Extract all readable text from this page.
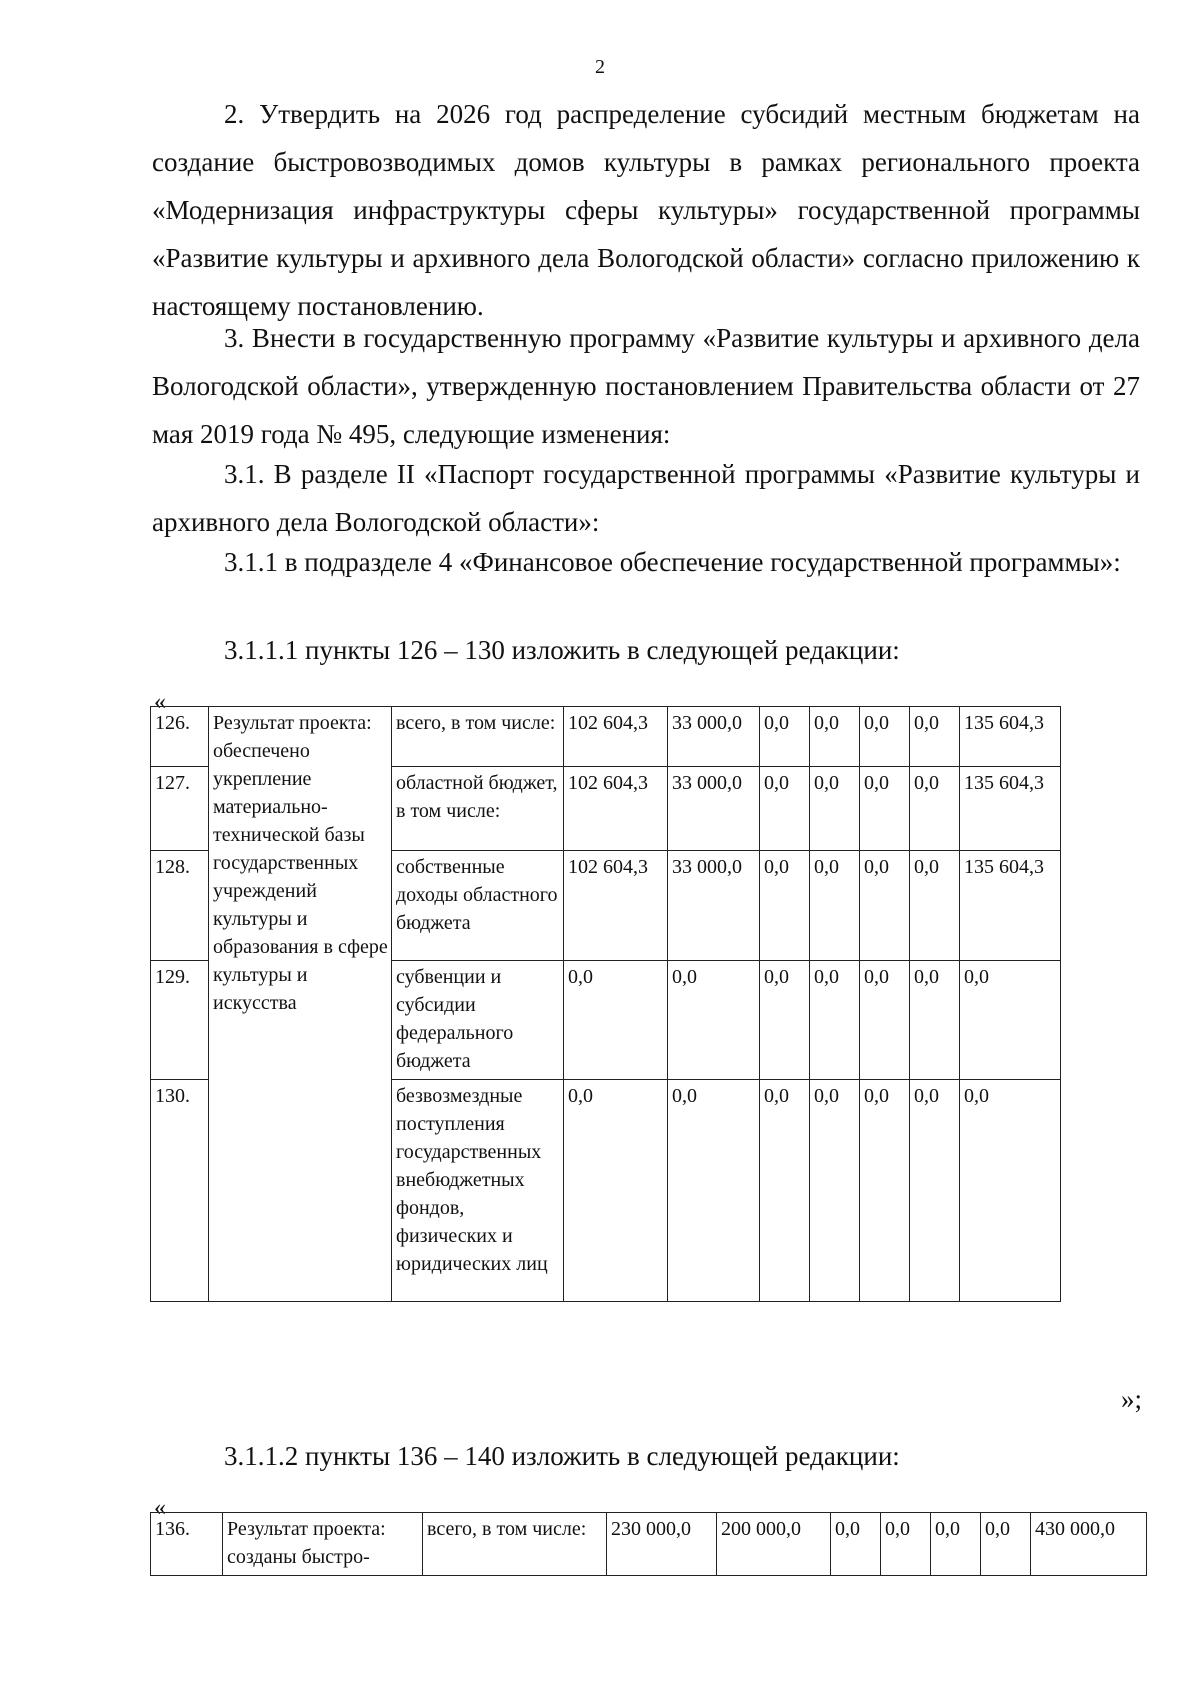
2

2. Утвердить на 2026 год распределение субсидий местным бюджетам на создание быстровозводимых домов культуры в рамках регионального проекта «Модернизация инфраструктуры сферы культуры» государственной программы «Развитие культуры и архивного дела Вологодской области» согласно приложению к настоящему постановлению.

3. Внести в государственную программу «Развитие культуры и архивного дела Вологодской области», утвержденную постановлением Правительства области от 27 мая 2019 года № 495, следующие изменения:

3.1. В разделе II «Паспорт государственной программы «Развитие культуры и архивного дела Вологодской области»:

3.1.1 в подразделе 4 «Финансовое обеспечение государственной программы»:

3.1.1.1 пункты 126 – 130 изложить в следующей редакции:

«
126.	Результат проекта: обеспечено укрепление материально-технической базы государственных учреждений культуры и образования в сфере культуры и искусства	всего, в том числе:	102 604,3	33 000,0	0,0	0,0	0,0	0,0	135 604,3
127.		областной бюджет, в том числе:	102 604,3	33 000,0	0,0	0,0	0,0	0,0	135 604,3
128.		собственные доходы областного бюджета	102 604,3	33 000,0	0,0	0,0	0,0	0,0	135 604,3
129.		субвенции и субсидии федерального бюджета	0,0	0,0	0,0	0,0	0,0	0,0	0,0
130.		безвозмездные поступления государственных внебюджетных фондов, физических и юридических лиц	0,0	0,0	0,0	0,0	0,0	0,0	0,0
»;

3.1.1.2 пункты 136 – 140 изложить в следующей редакции:

«
136.	Результат проекта: созданы быстро-	всего, в том числе:	230 000,0	200 000,0	0,0	0,0	0,0	0,0	430 000,0
